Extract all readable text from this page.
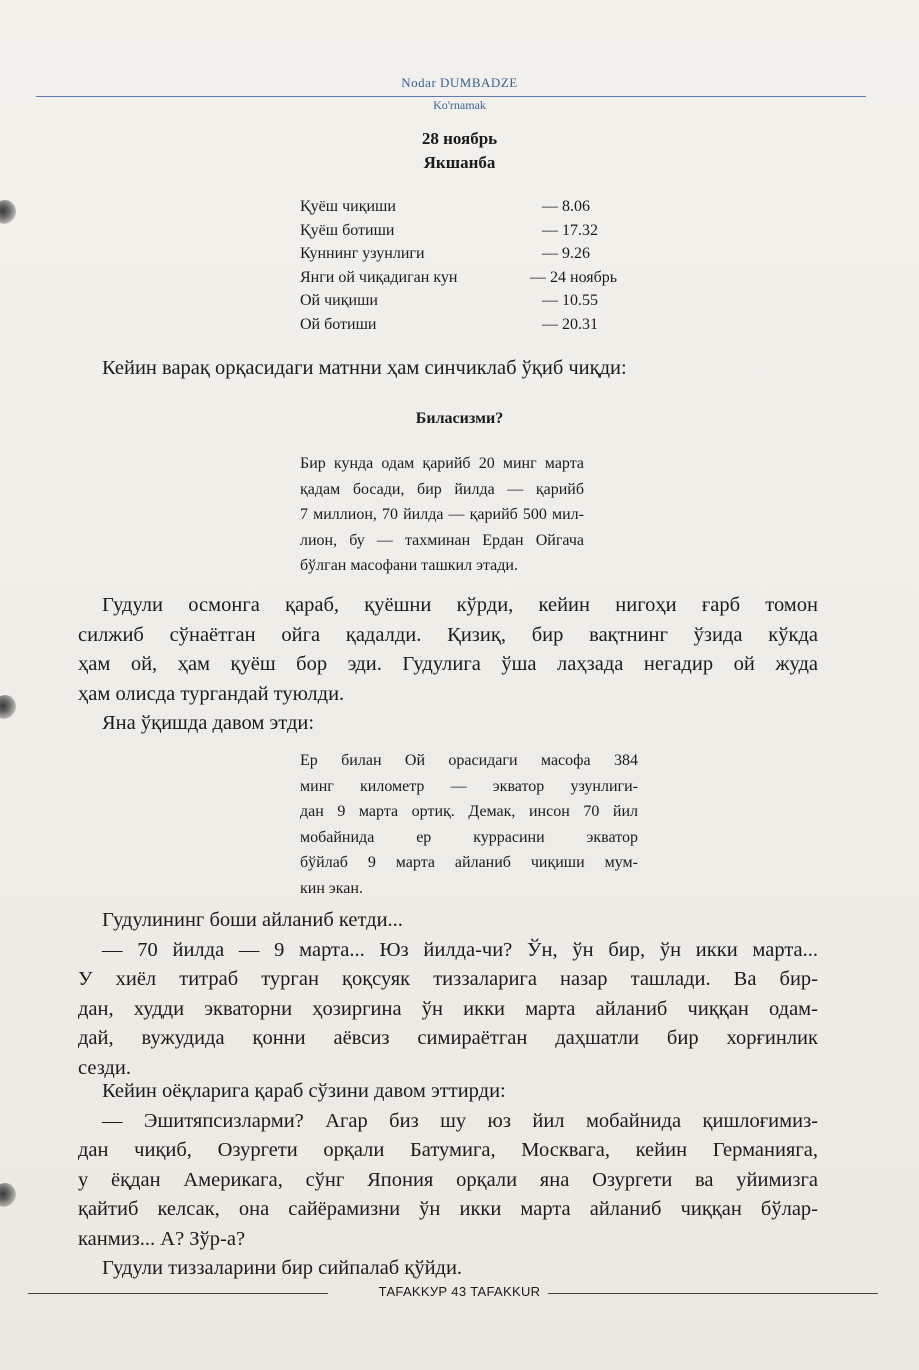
Nodar DUMBADZE
Ko'rnamak
28 ноябрь
Якшанба
Қуёш чиқиши	— 8.06
Қуёш ботиши	— 17.32
Куннинг узунлиги	— 9.26
Янги ой чиқадиган кун	— 24 ноябрь
Ой чиқиши	— 10.55
Ой ботиши	— 20.31
Кейин варақ орқасидаги матнни ҳам синчиклаб ўқиб чиқди:
Биласизми?
Бир кунда одам қарийб 20 минг марта
қадам босади, бир йилда — қарийб
7 миллион, 70 йилда — қарийб 500 мил-
лион, бу — тахминан Ердан Ойгача
бўлган масофани ташкил этади.
Гудули осмонга қараб, қуёшни кўрди, кейин нигоҳи ғарб томон
силжиб сўнаётган ойга қадалди. Қизиқ, бир вақтнинг ўзида кўкда
ҳам ой, ҳам қуёш бор эди. Гудулига ўша лаҳзада негадир ой жуда
ҳам олисда тургандай туюлди.
Яна ўқишда давом этди:
Ер билан Ой орасидаги масофа 384
минг километр — экватор узунлиги-
дан 9 марта ортиқ. Демак, инсон 70 йил
мобайнида ер куррасини экватор
бўйлаб 9 марта айланиб чиқиши мум-
кин экан.
Гудулининг боши айланиб кетди...
— 70 йилда — 9 марта... Юз йилда-чи? Ўн, ўн бир, ўн икки марта...
У хиёл титраб турган қоқсуяк тиззаларига назар ташлади. Ва бир-
дан, худди экваторни ҳозиргина ўн икки марта айланиб чиққан одам-
дай, вужудида қонни аёвсиз симираётган даҳшатли бир хорғинлик
сезди.
Кейин оёқларига қараб сўзини давом эттирди:
— Эшитяпсизларми? Агар биз шу юз йил мобайнида қишлоғимиз-
дан чиқиб, Озургети орқали Батумига, Москвага, кейин Германияга,
у ёқдан Америкага, сўнг Япония орқали яна Озургети ва уйимизга
қайтиб келсак, она сайёрамизни ўн икки марта айланиб чиққан бўлар-
канмиз... А? Зўр-а?
Гудули тиззаларини бир сийпалаб қўйди.
ТАFAKKУР 43 TAFAKKUR
